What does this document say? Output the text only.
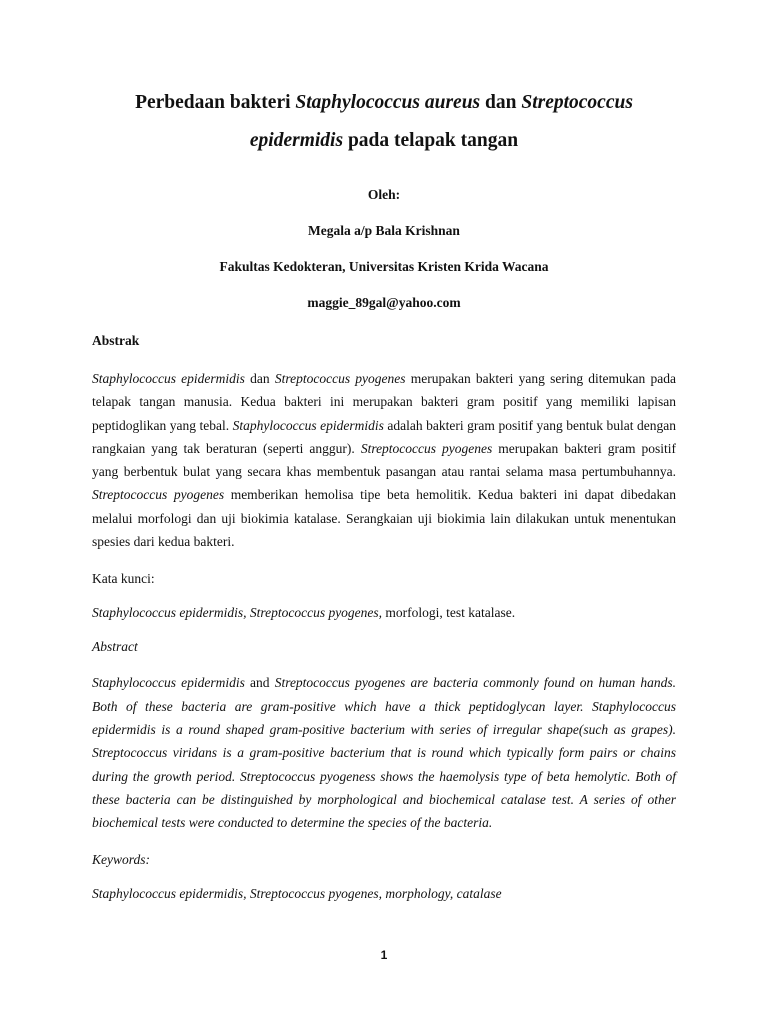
Perbedaan bakteri Staphylococcus aureus dan Streptococcus epidermidis pada telapak tangan

Oleh:

Megala a/p Bala Krishnan

Fakultas Kedokteran, Universitas Kristen Krida Wacana

maggie_89gal@yahoo.com

Abstrak

Staphylococcus epidermidis dan Streptococcus pyogenes merupakan bakteri yang sering ditemukan pada telapak tangan manusia. Kedua bakteri ini merupakan bakteri gram positif yang memiliki lapisan peptidoglikan yang tebal. Staphylococcus epidermidis adalah bakteri gram positif yang bentuk bulat dengan rangkaian yang tak beraturan (seperti anggur). Streptococcus pyogenes merupakan bakteri gram positif yang berbentuk bulat yang secara khas membentuk pasangan atau rantai selama masa pertumbuhannya. Streptococcus pyogenes memberikan hemolisa tipe beta hemolitik. Kedua bakteri ini dapat dibedakan melalui morfologi dan uji biokimia katalase. Serangkaian uji biokimia lain dilakukan untuk menentukan spesies dari kedua bakteri.

Kata kunci:

Staphylococcus epidermidis, Streptococcus pyogenes, morfologi, test katalase.

Abstract

Staphylococcus epidermidis and Streptococcus pyogenes are bacteria commonly found on human hands. Both of these bacteria are gram-positive which have a thick peptidoglycan layer. Staphylococcus epidermidis is a round shaped gram-positive bacterium with series of irregular shape(such as grapes). Streptococcus viridans is a gram-positive bacterium that is round which typically form pairs or chains during the growth period. Streptococcus pyogeness shows the haemolysis type of beta hemolytic. Both of these bacteria can be distinguished by morphological and biochemical catalase test. A series of other biochemical tests were conducted to determine the species of the bacteria.

Keywords:

Staphylococcus epidermidis, Streptococcus pyogenes, morphology, catalase

1
